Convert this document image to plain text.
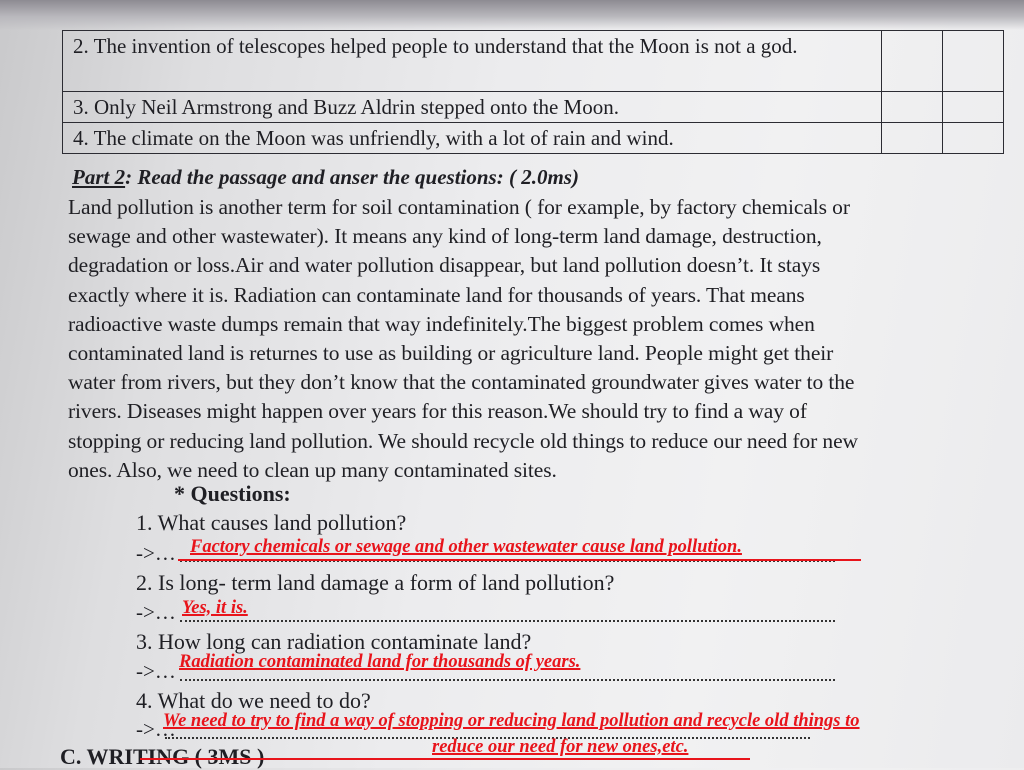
2. The invention of telescopes helped people to understand that the Moon is not a god.		
3. Only Neil Armstrong and Buzz Aldrin stepped onto the Moon.		
4. The climate on the Moon was unfriendly, with a lot of rain and wind.		
Part 2: Read the passage and anser the questions: ( 2.0ms)
Land pollution is another term for soil contamination ( for example, by factory chemicals or
sewage and other wastewater). It means any kind of long-term land damage, destruction,
degradation or loss.Air and water pollution disappear, but land pollution doesn’t. It stays
exactly where it is. Radiation can contaminate land for thousands of years. That means
radioactive waste dumps remain that way indefinitely.The biggest problem comes when
contaminated land is returnes to use as building or agriculture land. People might get their
water from rivers, but they don’t know that the contaminated groundwater gives water to the
rivers. Diseases might happen over years for this reason.We should try to find a way of
stopping or reducing land pollution. We should recycle old things to reduce our need for new
ones. Also, we need to clean up many contaminated sites.
* Questions:
1. What causes land pollution?
->… Factory chemicals or sewage and other wastewater cause land pollution.
2. Is long- term land damage a form of land pollution?
->… Yes, it is.
3. How long can radiation contaminate land?
->… Radiation contaminated land for thousands of years.
4. What do we need to do?
->…
We need to try to find a way of stopping or reducing land pollution and recycle old things to
reduce our need for new ones,etc.
C. WRITING ( 3MS )
